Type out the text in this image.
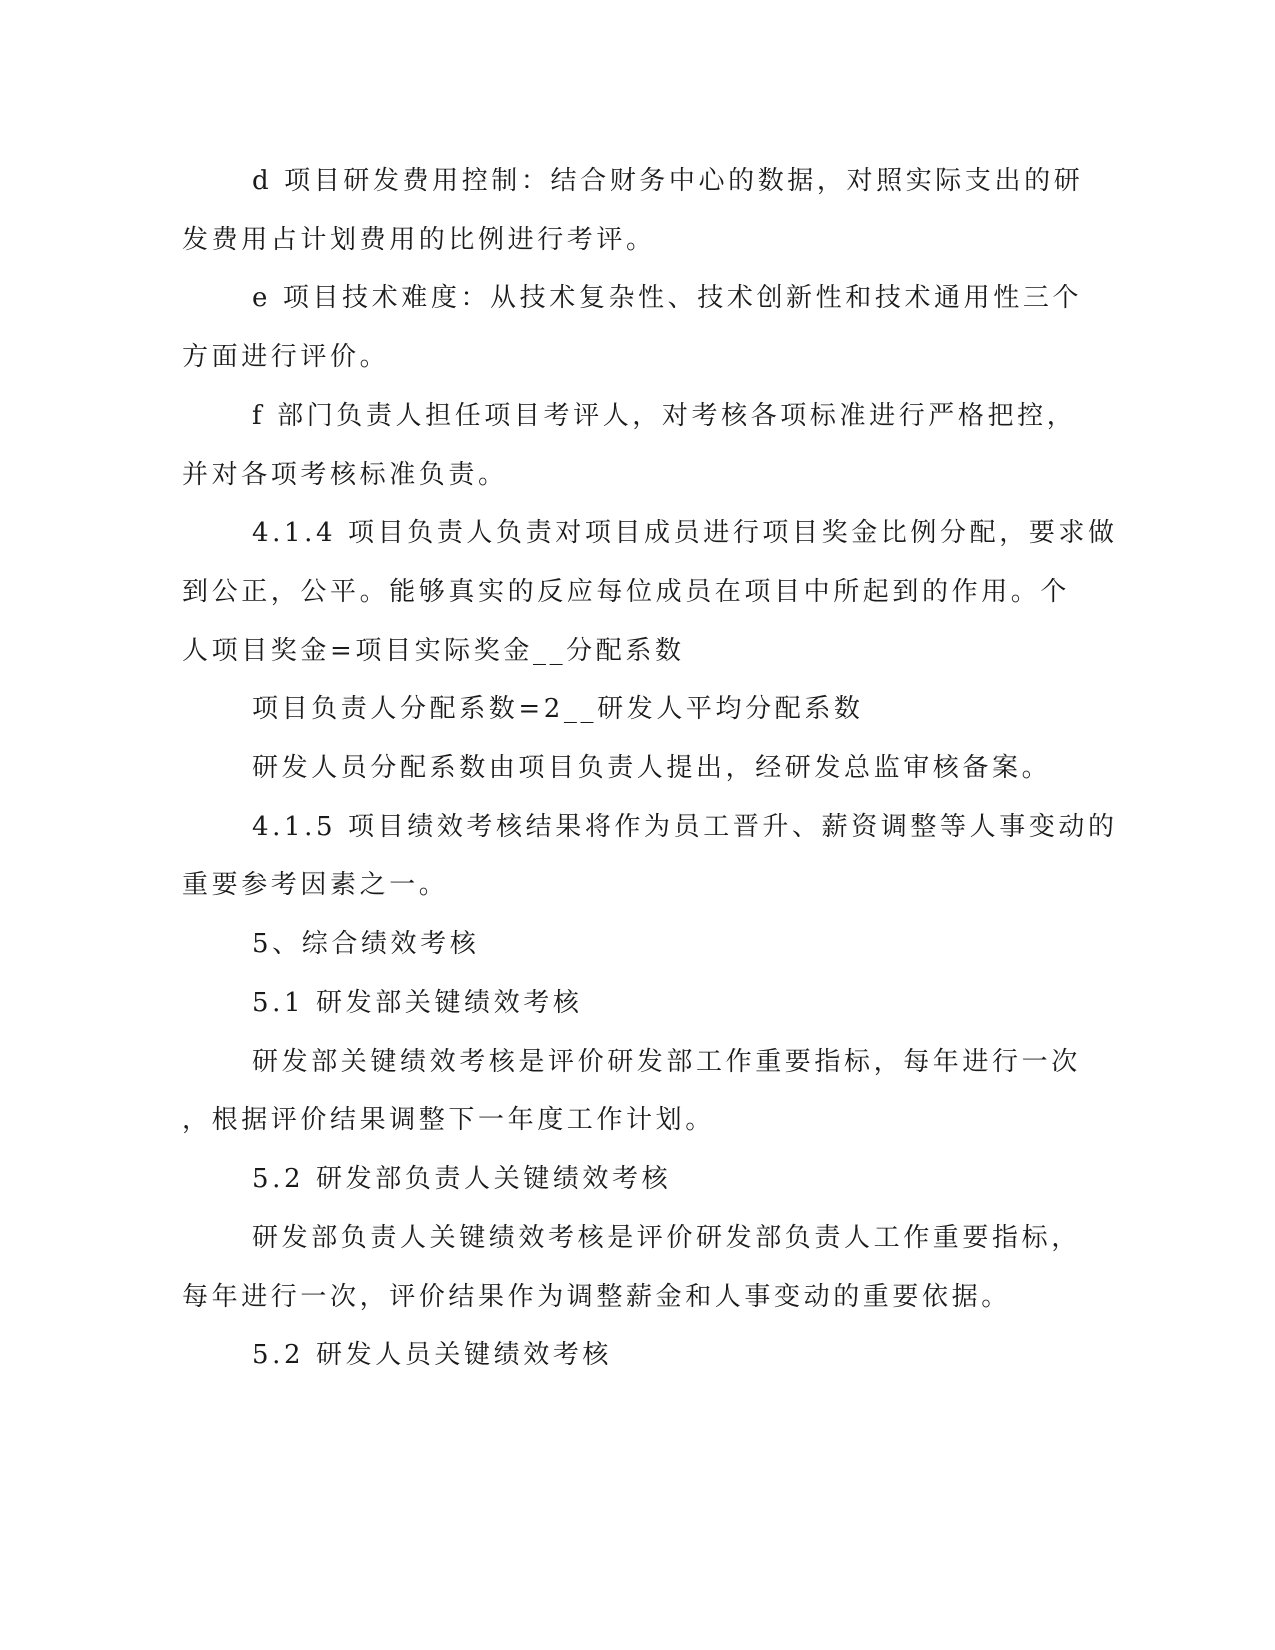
d 项目研发费用控制：结合财务中心的数据，对照实际支出的研
发费用占计划费用的比例进行考评。
e 项目技术难度：从技术复杂性、技术创新性和技术通用性三个
方面进行评价。
f 部门负责人担任项目考评人，对考核各项标准进行严格把控，
并对各项考核标准负责。
4.1.4 项目负责人负责对项目成员进行项目奖金比例分配，要求做
到公正，公平。能够真实的反应每位成员在项目中所起到的作用。个
人项目奖金=项目实际奖金__分配系数
项目负责人分配系数=2__研发人平均分配系数
研发人员分配系数由项目负责人提出，经研发总监审核备案。
4.1.5 项目绩效考核结果将作为员工晋升、薪资调整等人事变动的
重要参考因素之一。
5、综合绩效考核
5.1 研发部关键绩效考核
研发部关键绩效考核是评价研发部工作重要指标，每年进行一次
，根据评价结果调整下一年度工作计划。
5.2 研发部负责人关键绩效考核
研发部负责人关键绩效考核是评价研发部负责人工作重要指标，
每年进行一次，评价结果作为调整薪金和人事变动的重要依据。
5.2 研发人员关键绩效考核
